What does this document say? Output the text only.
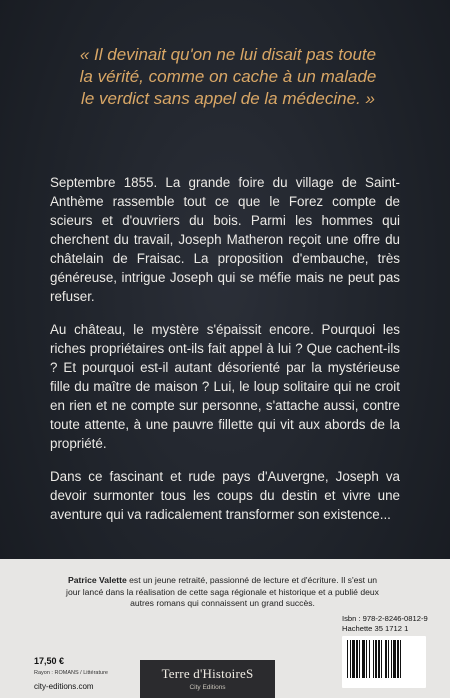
« Il devinait qu'on ne lui disait pas toute
la vérité, comme on cache à un malade
le verdict sans appel de la médecine. »

Septembre 1855. La grande foire du village de Saint-Anthème rassemble tout ce que le Forez compte de scieurs et d'ouvriers du bois. Parmi les hommes qui cherchent du travail, Joseph Matheron reçoit une offre du châtelain de Fraisac. La proposition d'embauche, très généreuse, intrigue Joseph qui se méfie mais ne peut pas refuser.

Au château, le mystère s'épaissit encore. Pourquoi les riches propriétaires ont-ils fait appel à lui ? Que cachent-ils ? Et pourquoi est-il autant désorienté par la mystérieuse fille du maître de maison ? Lui, le loup solitaire qui ne croit en rien et ne compte sur personne, s'attache aussi, contre toute attente, à une pauvre fillette qui vit aux abords de la propriété.

Dans ce fascinant et rude pays d'Auvergne, Joseph va devoir surmonter tous les coups du destin et vivre une aventure qui va radicalement transformer son existence...

Patrice Valette est un jeune retraité, passionné de lecture et d'écriture. Il s'est un jour lancé dans la réalisation de cette saga régionale et historique et a publié deux autres romans qui connaissent un grand succès.
Isbn : 978-2-8246-0812-9
Hachette 35 1712 1
17,50 €
Rayon : ROMANS / Littérature
city-editions.com
Terre d'HistoireS
City Editions
